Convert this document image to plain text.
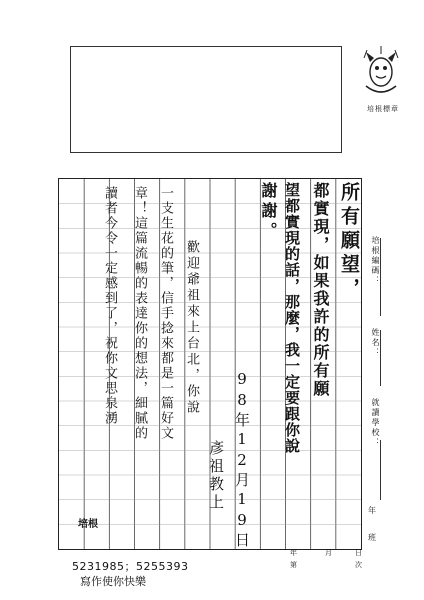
培根標章
培根編碼：
姓名：
就讀學校：
年
班
年	月	日
第	次
所有願望，
都實現，如果我許的所有願
望都實現的話，那麼，我一定要跟你說
謝謝。
歡迎爺祖來上台北，你說
一支生花的筆，信手捻來都是一篇好文
章！這篇流暢的表達你的想法，細膩的
讀者今令一定感到了，祝你文思泉湧
98年12月19日
彥祖教上
培根
5231985；5255393
寫作使你快樂
